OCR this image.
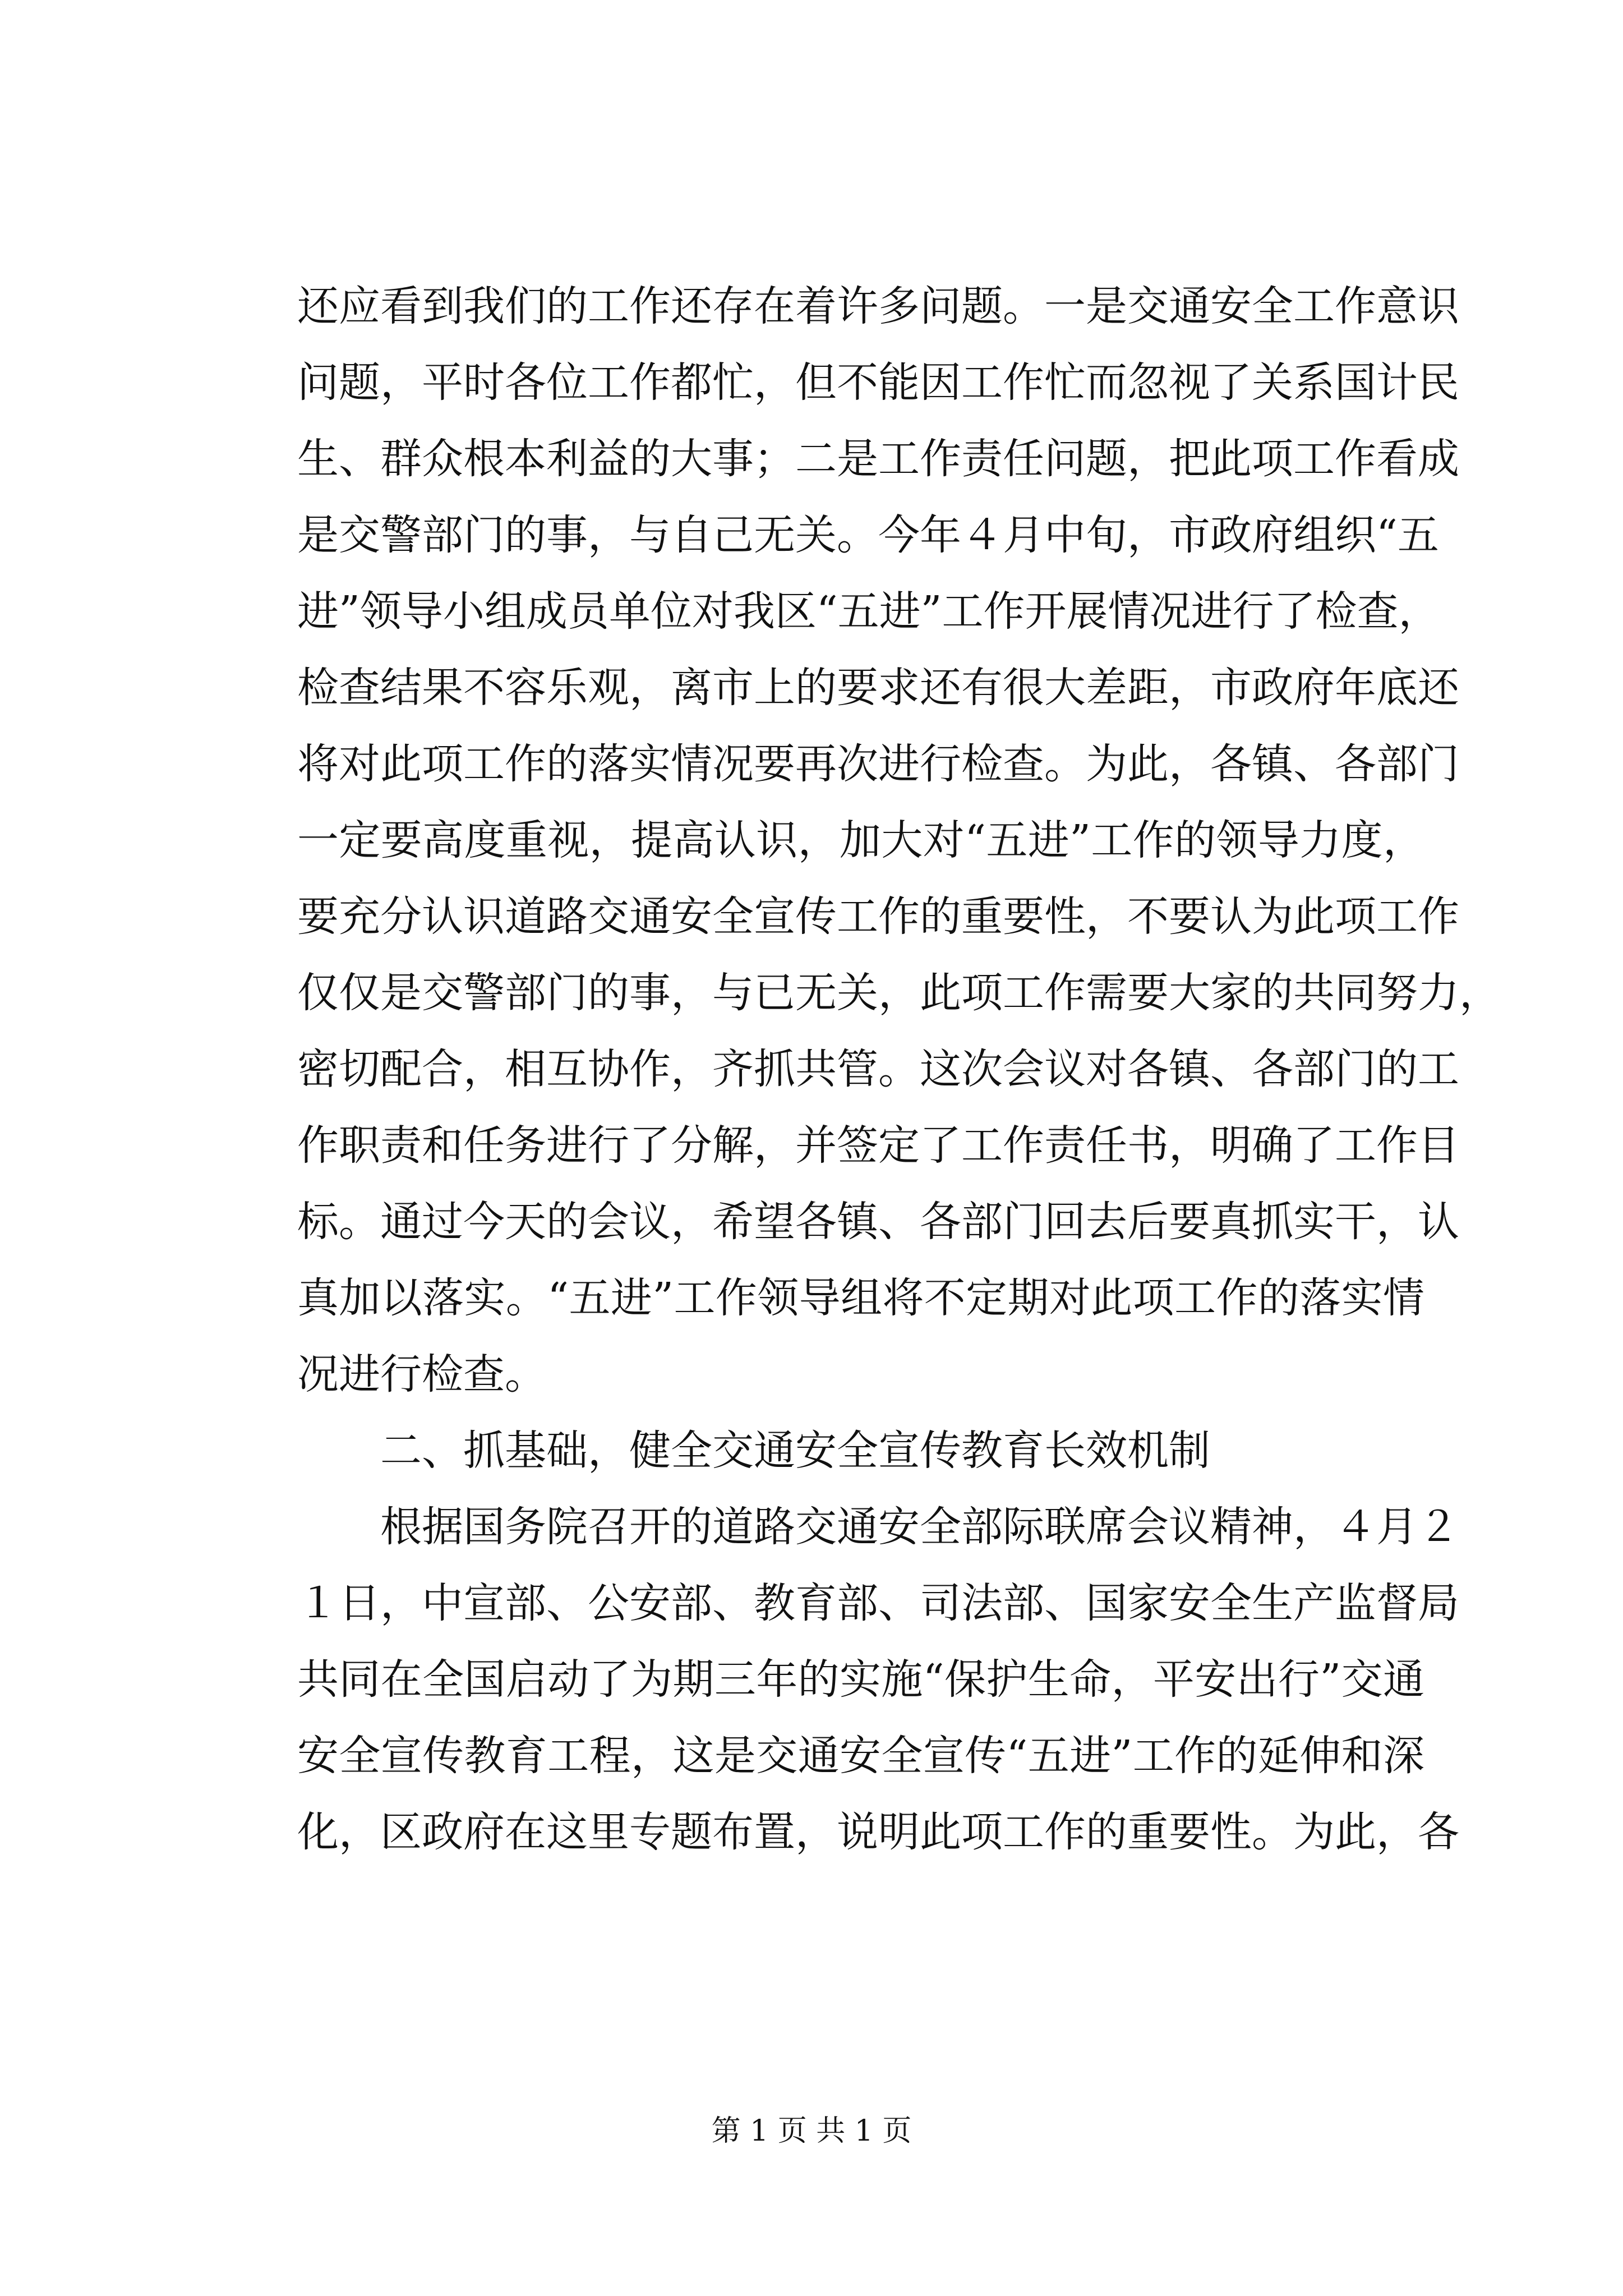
还应看到我们的工作还存在着许多问题。一是交通安全工作意识
问题，平时各位工作都忙，但不能因工作忙而忽视了关系国计民
生、群众根本利益的大事；二是工作责任问题，把此项工作看成
是交警部门的事，与自己无关。今年４月中旬，市政府组织“五
进”领导小组成员单位对我区“五进”工作开展情况进行了检查，
检查结果不容乐观，离市上的要求还有很大差距，市政府年底还
将对此项工作的落实情况要再次进行检查。为此，各镇、各部门
一定要高度重视，提高认识，加大对“五进”工作的领导力度，
要充分认识道路交通安全宣传工作的重要性，不要认为此项工作
仅仅是交警部门的事，与已无关，此项工作需要大家的共同努力，
密切配合，相互协作，齐抓共管。这次会议对各镇、各部门的工
作职责和任务进行了分解，并签定了工作责任书，明确了工作目
标。通过今天的会议，希望各镇、各部门回去后要真抓实干，认
真加以落实。“五进”工作领导组将不定期对此项工作的落实情
况进行检查。
　　二、抓基础，健全交通安全宣传教育长效机制
　　根据国务院召开的道路交通安全部际联席会议精神，４月２
１日，中宣部、公安部、教育部、司法部、国家安全生产监督局
共同在全国启动了为期三年的实施“保护生命，平安出行”交通
安全宣传教育工程，这是交通安全宣传“五进”工作的延伸和深
化，区政府在这里专题布置，说明此项工作的重要性。为此，各
第 1 页 共 1 页
